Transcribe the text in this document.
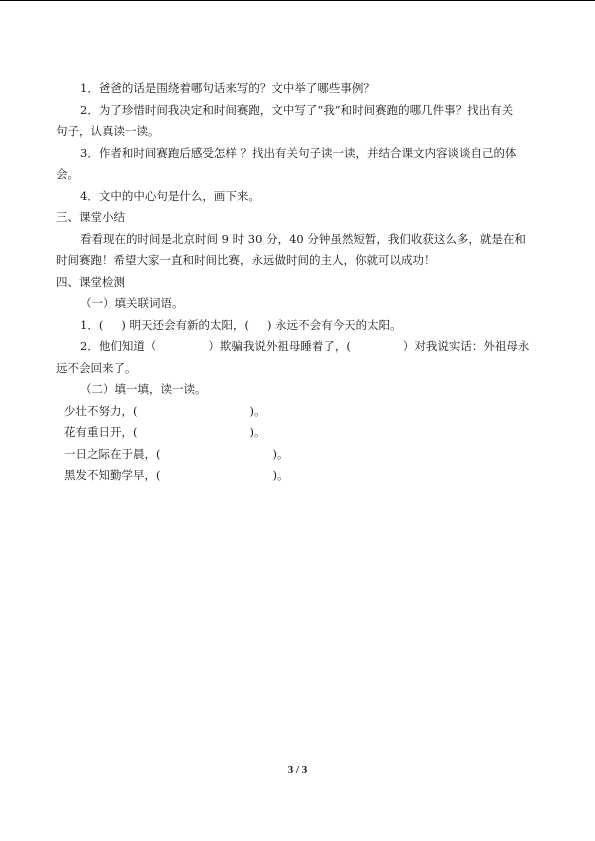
1．爸爸的话是围绕着哪句话来写的？文中举了哪些事例？
2．为了珍惜时间我决定和时间赛跑，文中写了“我”和时间赛跑的哪几件事？找出有关
句子，认真读一读。
3．作者和时间赛跑后感受怎样 ？找出有关句子读一读，并结合课文内容谈谈自己的体
会。
4．文中的中心句是什么，画下来。
三、课堂小结
看看现在的时间是北京时间 9 时 30 分，40 分钟虽然短暂，我们收获这么多，就是在和
时间赛跑！希望大家一直和时间比赛，永远做时间的主人，你就可以成功！
四、课堂检测
（一）填关联词语。
1．( ) 明天还会有新的太阳，( ) 永远不会有今天的太阳。
2．他们知道（	）欺骗我说外祖母睡着了，(	）对我说实话：外祖母永
远不会回来了。
（二）填一填，读一读。
少壮不努力，(	)。
花有重日开，(	)。
一日之际在于晨，(	)。
黑发不知勤学早，(	)。
3 / 3
